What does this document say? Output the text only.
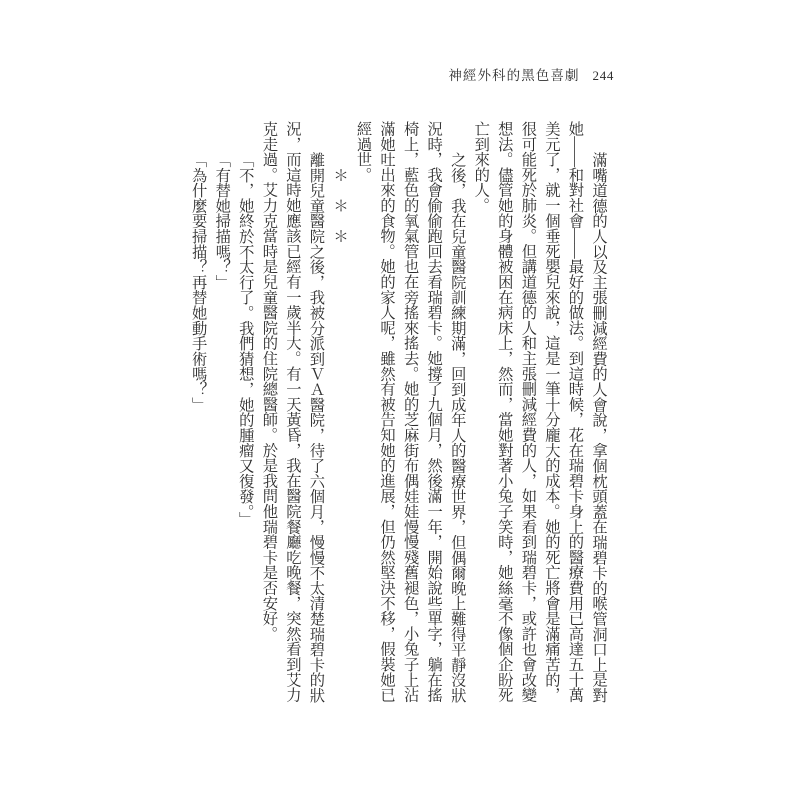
神經外科的黑色喜劇 244

滿嘴道德的人以及主張刪減經費的人會說，拿個枕頭蓋在瑞碧卡的喉管洞口上是對她——和對社會——最好的做法。到這時候，花在瑞碧卡身上的醫療費用已高達五十萬美元了，就一個垂死嬰兒來說，這是一筆十分龐大的成本。她的死亡將會是滿痛苦的，很可能死於肺炎。但講道德的人和主張刪減經費的人，如果看到瑞碧卡，或許也會改變想法。儘管她的身體被困在病床上，然而，當她對著小兔子笑時，她絲毫不像個企盼死亡到來的人。

之後，我在兒童醫院訓練期滿，回到成年人的醫療世界，但偶爾晚上難得平靜沒狀況時，我會偷偷跑回去看瑞碧卡。她撐了九個月，然後滿一年，開始說些單字，躺在搖椅上，藍色的氧氣管也在旁搖來搖去。她的芝麻街布偶娃娃慢慢殘舊褪色，小兔子上沾滿她吐出來的食物。她的家人呢，雖然有被告知她的進展，但仍然堅決不移，假裝她已經過世。

＊　＊　＊

離開兒童醫院之後，我被分派到ＶＡ醫院，待了六個月，慢慢不太清楚瑞碧卡的狀況，而這時她應該已經有一歲半大。有一天黃昏，我在醫院餐廳吃晚餐，突然看到艾力克走過。艾力克當時是兒童醫院的住院總醫師。於是我問他瑞碧卡是否安好。

「不，她終於不太行了。我們猜想，她的腫瘤又復發。」

「有替她掃描嗎？」

「為什麼要掃描？再替她動手術嗎？」
